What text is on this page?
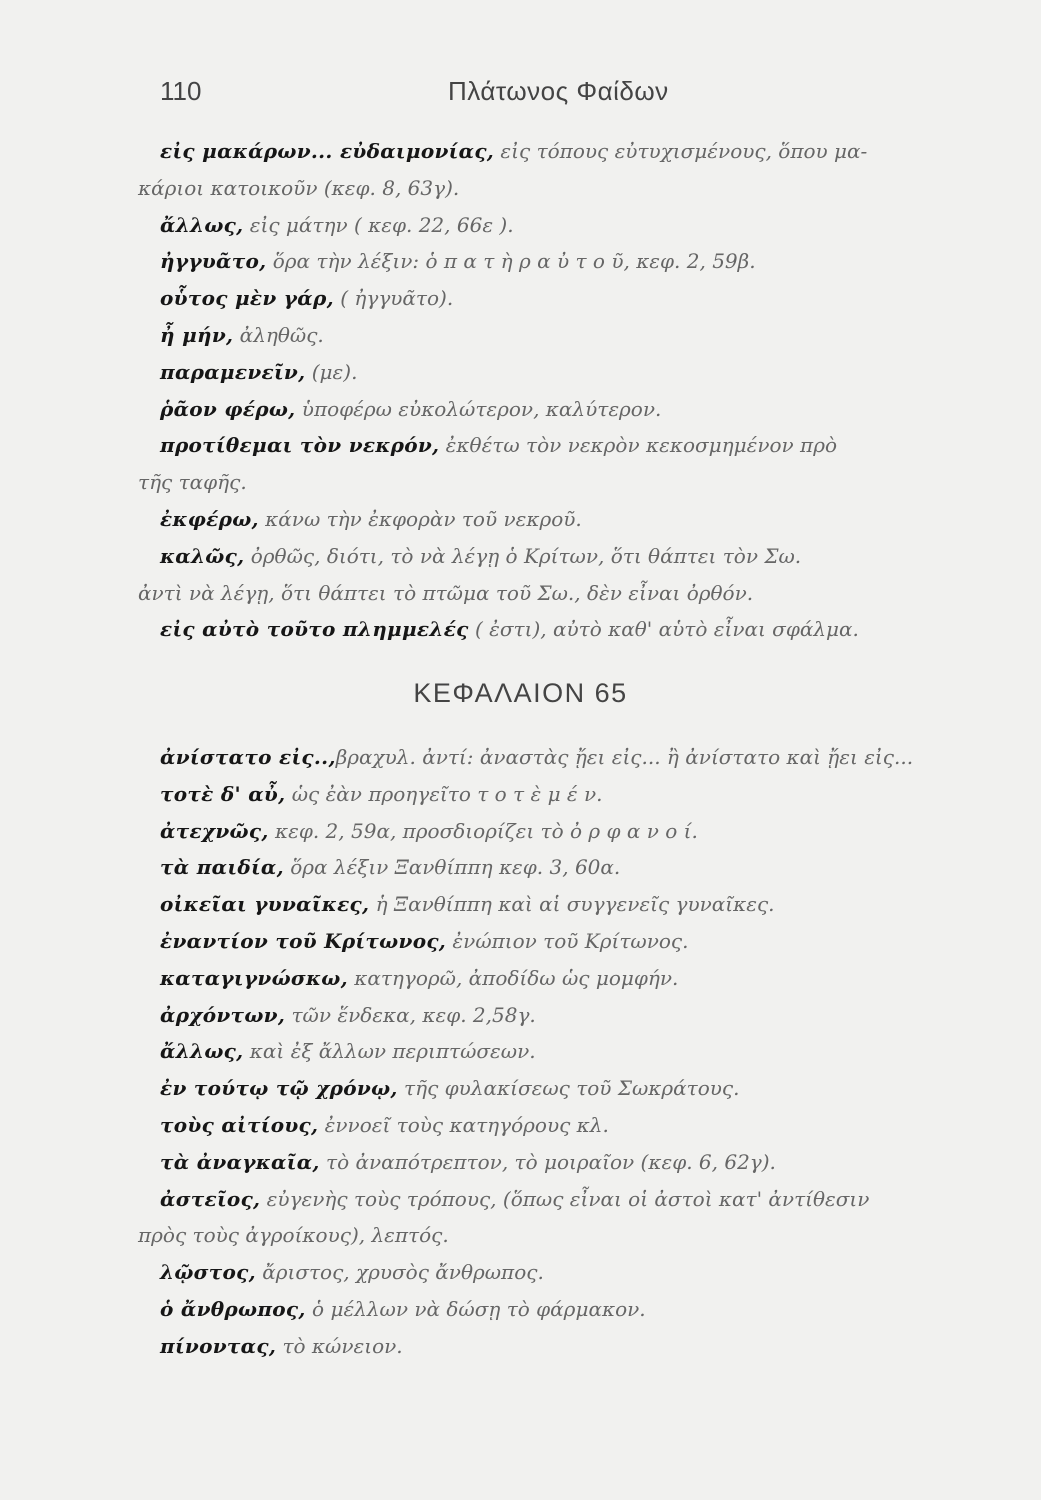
110	Πλάτωνος Φαίδων
εἰς μακάρων... εὐδαιμονίας, εἰς τόπους εὐτυχισμένους, ὅπου μα-
κάριοι κατοικοῦν (κεφ. 8, 63γ).
ἄλλως, εἰς μάτην ( κεφ. 22, 66ε ).
ἠγγυᾶτο, ὅρα τὴν λέξιν: ὁ π α τ ὴ ρ α ὐ τ ο ῦ, κεφ. 2, 59β.
οὗτος μὲν γάρ, ( ἠγγυᾶτο).
ἦ μήν, ἀληθῶς.
παραμενεῖν, (με).
ῥᾶον φέρω, ὑποφέρω εὐκολώτερον, καλύτερον.
προτίθεμαι τὸν νεκρόν, ἐκθέτω τὸν νεκρὸν κεκοσμημένον πρὸ
τῆς ταφῆς.
ἐκφέρω, κάνω τὴν ἐκφορὰν τοῦ νεκροῦ.
καλῶς, ὀρθῶς, διότι, τὸ νὰ λέγῃ ὁ Κρίτων, ὅτι θάπτει τὸν Σω.
ἀντὶ νὰ λέγῃ, ὅτι θάπτει τὸ πτῶμα τοῦ Σω., δὲν εἶναι ὀρθόν.
εἰς αὐτὸ τοῦτο πλημμελές ( ἐστι), αὐτὸ καθ' αὑτὸ εἶναι σφάλμα.
ΚΕΦΑΛΑΙΟΝ 65
ἀνίστατο εἰς..,βραχυλ. ἀντί: ἀναστὰς ᾔει εἰς... ἢ ἀνίστατο καὶ ᾔει εἰς...
τοτὲ δ' αὖ, ὡς ἐὰν προηγεῖτο τ ο τ ὲ μ έ ν.
ἀτεχνῶς, κεφ. 2, 59α, προσδιορίζει τὸ ὀ ρ φ α ν ο ί.
τὰ παιδία, ὅρα λέξιν Ξανθίππη κεφ. 3, 60α.
οἰκεῖαι γυναῖκες, ἡ Ξανθίππη καὶ αἱ συγγενεῖς γυναῖκες.
ἐναντίον τοῦ Κρίτωνος, ἐνώπιον τοῦ Κρίτωνος.
καταγιγνώσκω, κατηγορῶ, ἀποδίδω ὡς μομφήν.
ἀρχόντων, τῶν ἕνδεκα, κεφ. 2,58γ.
ἄλλως, καὶ ἐξ ἄλλων περιπτώσεων.
ἐν τούτῳ τῷ χρόνῳ, τῆς φυλακίσεως τοῦ Σωκράτους.
τοὺς αἰτίους, ἐννοεῖ τοὺς κατηγόρους κλ.
τὰ ἀναγκαῖα, τὸ ἀναπότρεπτον, τὸ μοιραῖον (κεφ. 6, 62γ).
ἀστεῖος, εὐγενὴς τοὺς τρόπους, (ὅπως εἶναι οἱ ἀστοὶ κατ' ἀντίθεσιν
πρὸς τοὺς ἀγροίκους), λεπτός.
λῷστος, ἄριστος, χρυσὸς ἄνθρωπος.
ὁ ἄνθρωπος, ὁ μέλλων νὰ δώσῃ τὸ φάρμακον.
πίνοντας, τὸ κώνειον.
